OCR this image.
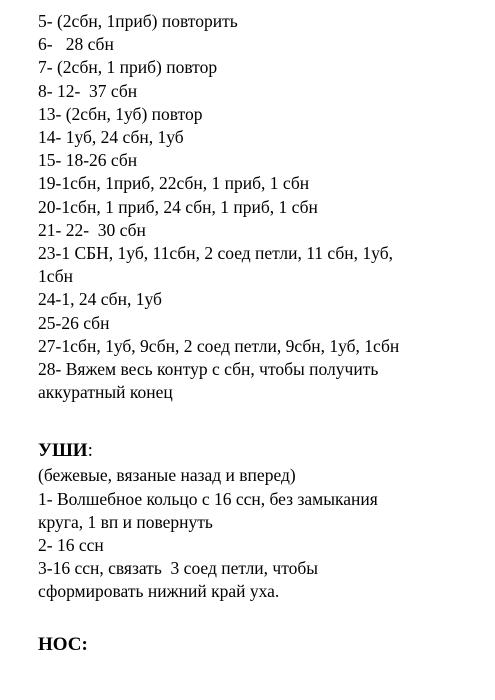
5- (2сбн, 1приб) повторить

6-   28 сбн

7- (2сбн, 1 приб) повтор

8- 12-  37 сбн

13- (2сбн, 1уб) повтор

14- 1уб, 24 сбн, 1уб

15- 18-26 сбн

19-1сбн, 1приб, 22сбн, 1 приб, 1 сбн

20-1сбн, 1 приб, 24 сбн, 1 приб, 1 сбн

21- 22-  30 сбн

23-1 СБН, 1уб, 11сбн, 2 соед петли, 11 сбн, 1уб,

1сбн

24-1, 24 сбн, 1уб

25-26 сбн

27-1сбн, 1уб, 9сбн, 2 соед петли, 9сбн, 1уб, 1сбн

28- Вяжем весь контур с сбн, чтобы получить

аккуратный конец

УШИ:

(бежевые, вязаные назад и вперед)

1- Волшебное кольцо с 16 ссн, без замыкания

круга, 1 вп и повернуть

2- 16 ссн

3-16 ссн, связать  3 соед петли, чтобы

сформировать нижний край уха.

НОС:
